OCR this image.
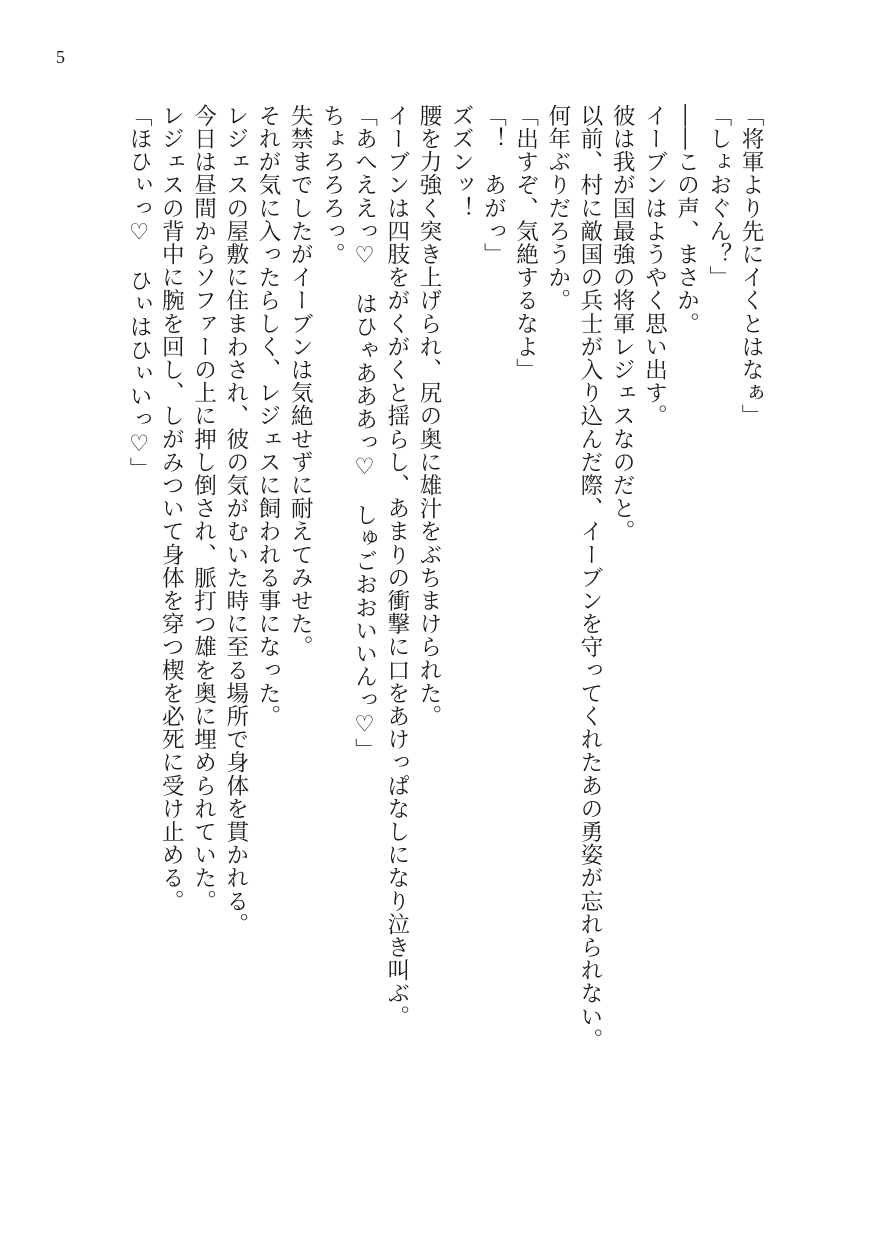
5
「将軍より先にイくとはなぁ」
「しょおぐん？」
――この声、まさか。
イーブンはようやく思い出す。
彼は我が国最強の将軍レジェスなのだと。
以前、村に敵国の兵士が入り込んだ際、イーブンを守ってくれたあの勇姿が忘れられない。
何年ぶりだろうか。
「出すぞ、気絶するなよ」
「！　あがっ」
ズズンッ！
腰を力強く突き上げられ、尻の奥に雄汁をぶちまけられた。
イーブンは四肢をがくがくと揺らし、あまりの衝撃に口をあけっぱなしになり泣き叫ぶ。
「あへええっ♡　はひゃあああっ♡　しゅごおおいいんっ♡」
ちょろろろっ。
失禁までしたがイーブンは気絶せずに耐えてみせた。
それが気に入ったらしく、レジェスに飼われる事になった。
レジェスの屋敷に住まわされ、彼の気がむいた時に至る場所で身体を貫かれる。
今日は昼間からソファーの上に押し倒され、脈打つ雄を奥に埋められていた。
レジェスの背中に腕を回し、しがみついて身体を穿つ楔を必死に受け止める。
「ほひぃっ♡　ひぃはひぃいっ♡」
